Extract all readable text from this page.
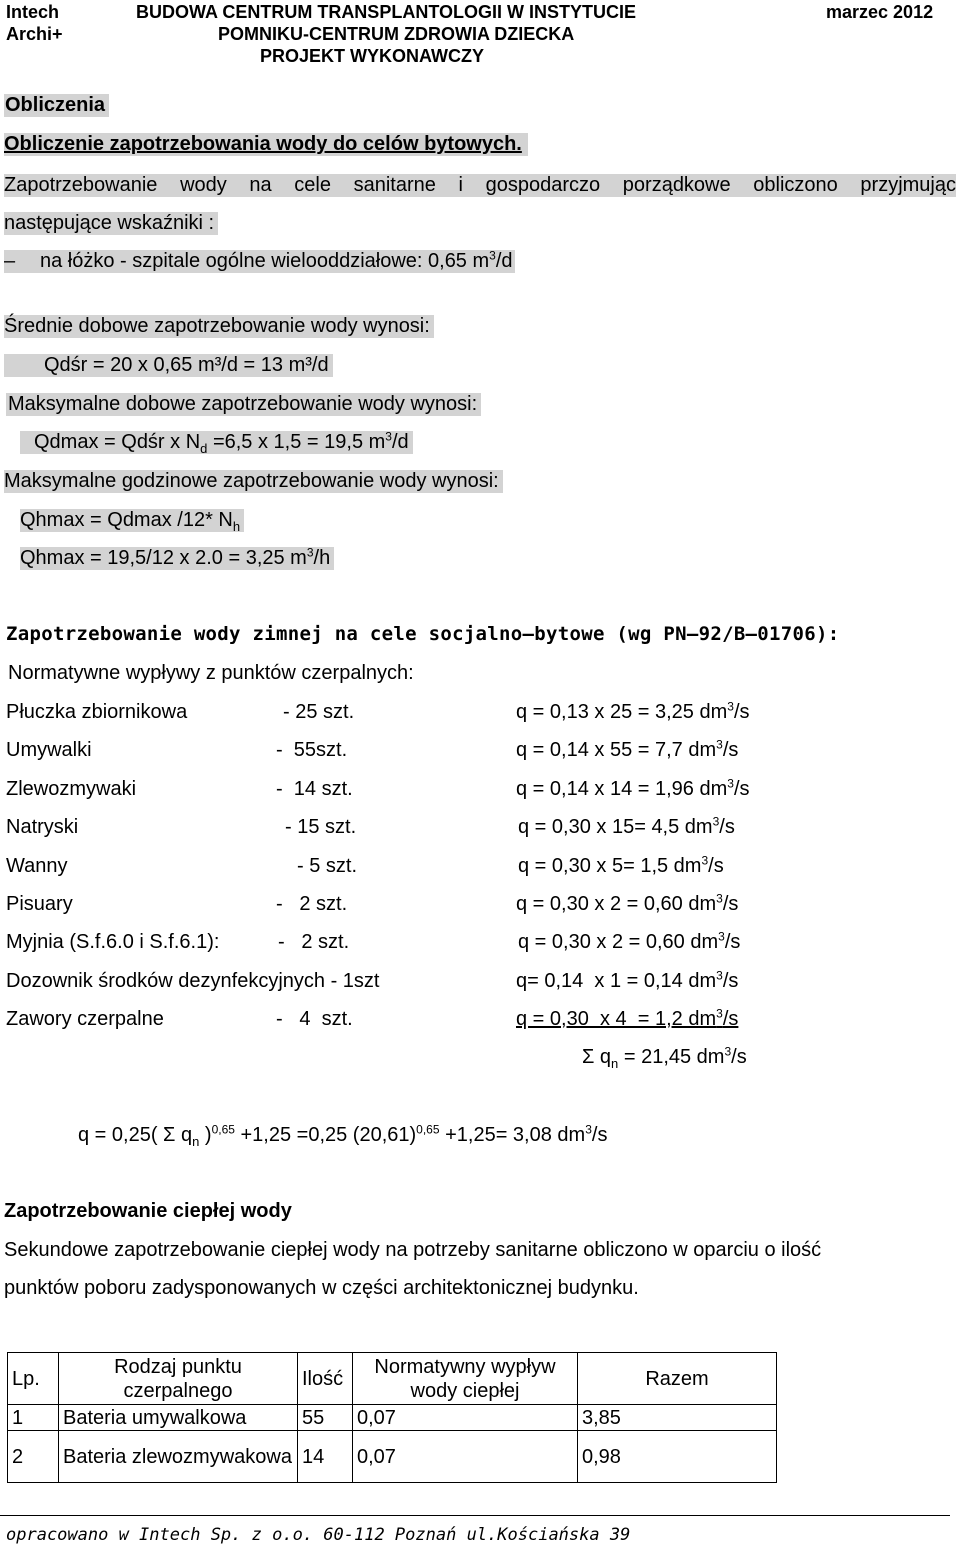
Intech
Archi+
BUDOWA CENTRUM TRANSPLANTOLOGII W INSTYTUCIE
POMNIKU-CENTRUM ZDROWIA DZIECKA
PROJEKT WYKONAWCZY
marzec 2012
Obliczenia
Obliczenie zapotrzebowania wody do celów bytowych.
Zapotrzebowanie wody na cele sanitarne i gospodarczo porządkowe obliczono przyjmując
następujące wskaźniki :
– na łóżko - szpitale ogólne wielooddziałowe: 0,65 $m^3/d$
Średnie dobowe zapotrzebowanie wody wynosi:
Qdśr = 20 x 0,65 m³/d = 13 m³/d
Maksymalne dobowe zapotrzebowanie wody wynosi:
Qdmax = Qdśr x $N_d =6,5$ x 1,5 = 19,5 $m^3/d$
Maksymalne godzinowe zapotrzebowanie wody wynosi:
Qhmax = Qdmax /12* $N_h$
Qhmax = 19,5/12 x 2.0 = 3,25 $m^3/h$
Zapotrzebowanie wody zimnej na cele socjalno–bytowe (wg PN–92/B–01706):
Normatywne wypływy z punktów czerpalnych:
Płuczka zbiornikowa	- 25 szt.	q = 0,13 x 25 = 3,25 $dm^3/s$
Umywalki	-  55szt.	q = 0,14 x 55 = 7,7 $dm^3/s$
Zlewozmywaki	-  14 szt.	q = 0,14 x 14 = 1,96 $dm^3/s$
Natryski	- 15 szt.	q = 0,30 x 15= 4,5 $dm^3/s$
Wanny	- 5 szt.	q = 0,30 x 5= 1,5 $dm^3/s$
Pisuary	-   2 szt.	q = 0,30 x 2 = 0,60 $dm^3/s$
Myjnia (S.f.6.0 i S.f.6.1):	-   2 szt.	q = 0,30 x 2 = 0,60 $dm^3/s$
Dozownik środków dezynfekcyjnych - 1szt	q= 0,14  x 1 = 0,14 $dm^3/s$
Zawory czerpalne	-   4  szt.	q = 0,30  x 4  = 1,2 $dm^3/s$
Σ $q_n = 21,45$ $dm^3/s$
q = 0,25( Σ $q_n$ )$^{0,65}$ +1,25 =0,25 $(20,61)^{0,65} +1,25= 3,08$ $dm^3/s$
Zapotrzebowanie ciepłej wody
Sekundowe zapotrzebowanie ciepłej wody na potrzeby sanitarne obliczono w oparciu o ilość
punktów poboru zadysponowanych w części architektonicznej budynku.
Lp.	Rodzaj punktu czerpalnego	Ilość	Normatywny wypływ wody ciepłej	Razem
1	Bateria umywalkowa	55	0,07	3,85
2	Bateria zlewozmywakowa	14	0,07	0,98
opracowano w Intech Sp. z o.o. 60-112 Poznań ul.Kościańska 39
